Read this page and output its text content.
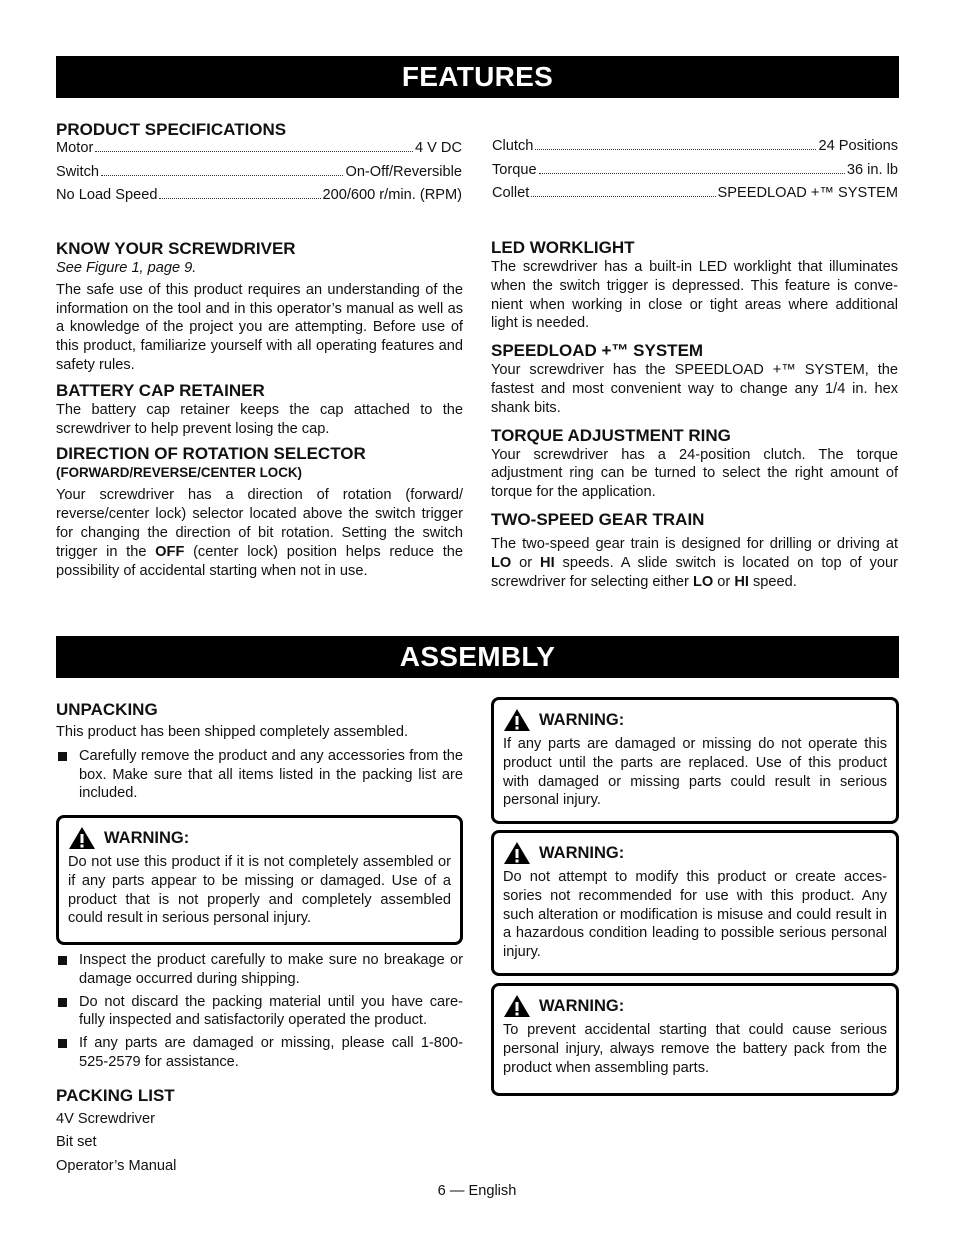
FEATURES
PRODUCT SPECIFICATIONS
Motor	4 V DC
Switch	On-Off/Reversible
No Load Speed	200/600 r/min. (RPM)
Clutch	24 Positions
Torque	36 in. lb
Collet	SPEEDLOAD +™ SYSTEM
KNOW YOUR SCREWDRIVER

See Figure 1, page 9.

The safe use of this product requires an understanding of the information on the tool and in this operator’s manual as well as a knowledge of the project you are attempting. Before use of this product, familiarize yourself with all operating features and safety rules.

BATTERY CAP RETAINER

The battery cap retainer keeps the cap attached to the screwdriver to help prevent losing the cap.

DIRECTION OF ROTATION SELECTOR
(FORWARD/REVERSE/CENTER LOCK)

Your screwdriver has a direction of rotation (forward/ reverse/center lock) selector located above the switch trigger for changing the direction of bit rotation. Setting the switch trigger in the OFF (center lock) position helps reduce the possibility of accidental starting when not in use.

LED WORKLIGHT

The screwdriver has a built-in LED worklight that illuminates when the switch trigger is depressed. This feature is conve- nient when working in close or tight areas where additional light is needed.

SPEEDLOAD +™ SYSTEM

Your screwdriver has the SPEEDLOAD +™ SYSTEM, the fastest and most convenient way to change any 1/4 in. hex shank bits.

TORQUE ADJUSTMENT RING

Your screwdriver has a 24-position clutch. The torque adjustment ring can be turned to select the right amount of torque for the application.

TWO-SPEED GEAR TRAIN

The two-speed gear train is designed for drilling or driving at LO or HI speeds. A slide switch is located on top of your screwdriver for selecting either LO or HI speed.

ASSEMBLY
UNPACKING

This product has been shipped completely assembled.

Carefully remove the product and any accessories from the box. Make sure that all items listed in the packing list are included.
WARNING:

Do not use this product if it is not completely assembled or if any parts appear to be missing or damaged. Use of a product that is not properly and completely assembled could result in serious personal injury.

Inspect the product carefully to make sure no breakage or damage occurred during shipping.
Do not discard the packing material until you have care- fully inspected and satisfactorily operated the product.
If any parts are damaged or missing, please call 1-800-525-2579 for assistance.
PACKING LIST
4V Screwdriver
Bit set
Operator’s Manual
WARNING:

If any parts are damaged or missing do not operate this product until the parts are replaced. Use of this product with damaged or missing parts could result in serious personal injury.

WARNING:

Do not attempt to modify this product or create acces- sories not recommended for use with this product. Any such alteration or modification is misuse and could result in a hazardous condition leading to possible serious personal injury.

WARNING:

To prevent accidental starting that could cause serious personal injury, always remove the battery pack from the product when assembling parts.

6 — English
